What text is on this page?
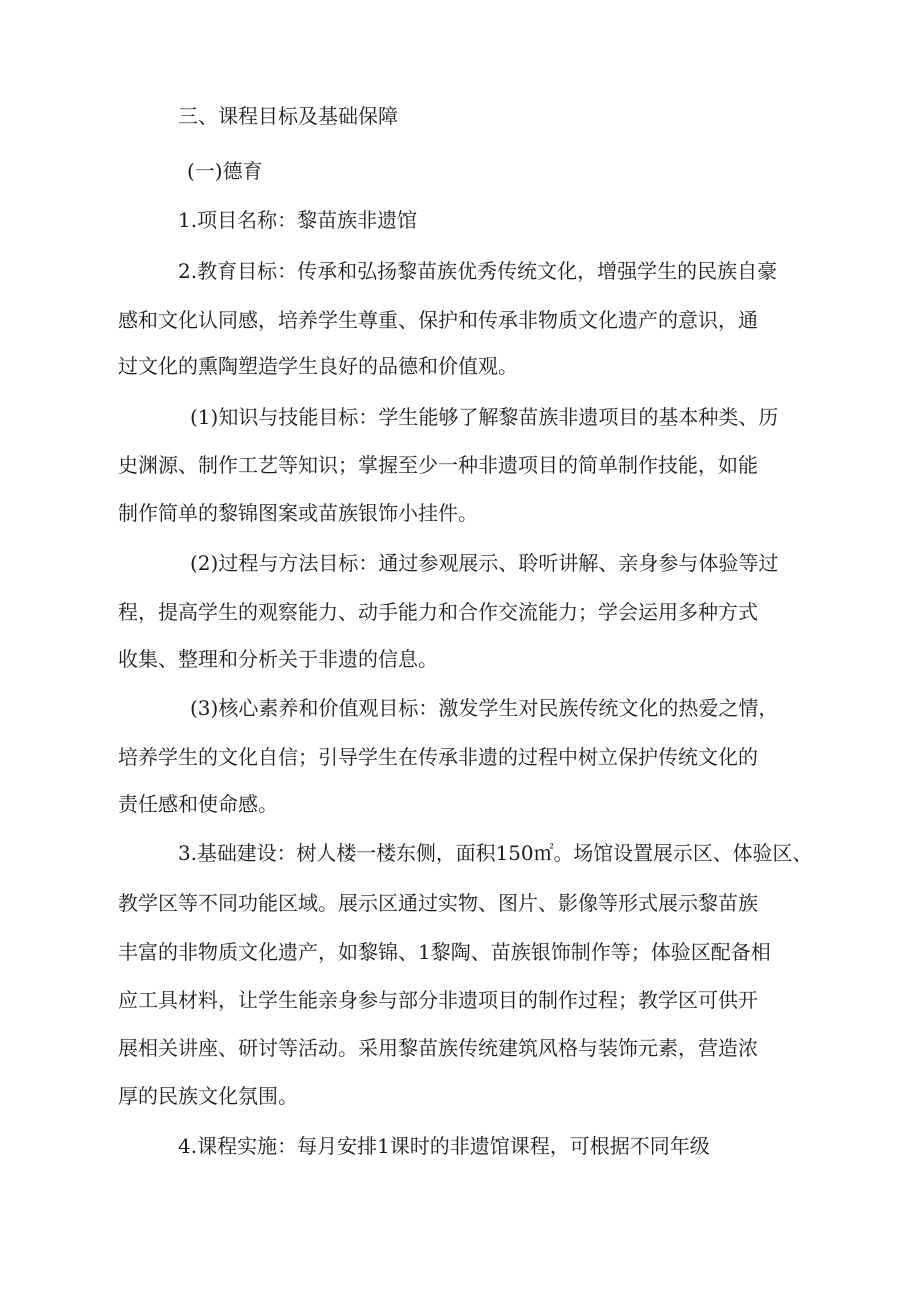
三、课程目标及基础保障
(一)德育
1.项目名称：黎苗族非遗馆
2.教育目标：传承和弘扬黎苗族优秀传统文化，增强学生的民族自豪
感和文化认同感，培养学生尊重、保护和传承非物质文化遗产的意识，通
过文化的熏陶塑造学生良好的品德和价值观。
(1)知识与技能目标：学生能够了解黎苗族非遗项目的基本种类、历
史渊源、制作工艺等知识；掌握至少一种非遗项目的简单制作技能，如能
制作简单的黎锦图案或苗族银饰小挂件。
(2)过程与方法目标：通过参观展示、聆听讲解、亲身参与体验等过
程，提高学生的观察能力、动手能力和合作交流能力；学会运用多种方式
收集、整理和分析关于非遗的信息。
(3)核心素养和价值观目标：激发学生对民族传统文化的热爱之情，
培养学生的文化自信；引导学生在传承非遗的过程中树立保护传统文化的
责任感和使命感。
3.基础建设：树人楼一楼东侧，面积150㎡。场馆设置展示区、体验区、
教学区等不同功能区域。展示区通过实物、图片、影像等形式展示黎苗族
丰富的非物质文化遗产，如黎锦、1黎陶、苗族银饰制作等；体验区配备相
应工具材料，让学生能亲身参与部分非遗项目的制作过程；教学区可供开
展相关讲座、研讨等活动。采用黎苗族传统建筑风格与装饰元素，营造浓
厚的民族文化氛围。
4.课程实施：每月安排1课时的非遗馆课程，可根据不同年级
